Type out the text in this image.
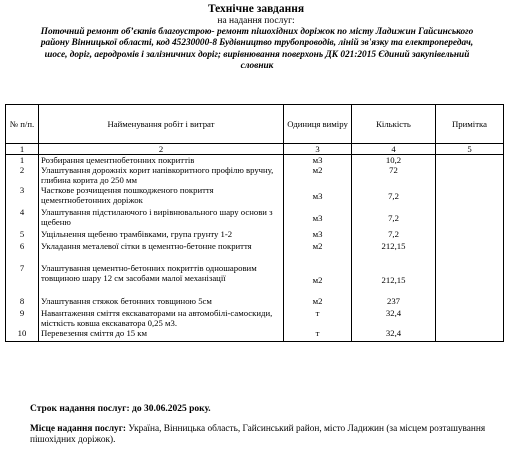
Технічне завдання
на надання послуг:
Поточний ремонт об’єктів благоустрою- ремонт пішохідних доріжок по місту Ладижин Гайсинського району Вінницької області, код 45230000-8 Будівництво трубопроводів, ліній зв'язку та електропередач, шосе, доріг, аеродромів і залізничних доріг; вирівнювання поверхонь ДК 021:2015 Єдиний закупівельний словник
№ п/п.	Найменування робіт і витрат	Одиниця виміру	Кількість	Примітка
1	2	3	4	5
1	Розбирання цементнобетонних покриттів	м3	10,2	
2	Улаштування дорожніх корит напівкоритного профілю вручну, глибина корита до 250 мм	м2	72	
3	Часткове розчищення пошкодженого покриття цементнобетонних доріжок	м3	7,2	
4	Улаштування підстилаючого і вирівнювального шару основи з щебеню	м3	7,2	
5	Ущільнення щебеню трамбівками, група грунту 1-2	м3	7,2	
6	Укладання металевої сітки в цементно-бетонне покриття	м2	212,15	
7	Улаштування цементно-бетонних покриттів одношаровим товщиною шару 12 см засобами малої механізації	м2	212,15	
8	Улаштування стяжок бетонних товщиною 5см	м2	237	
9	Навантаження сміття екскаваторами на автомобілі-самоскиди, місткість ковша екскаватора 0,25 м3.	т	32,4	
10	Перевезення сміття до 15 км	т	32,4	
Строк надання послуг: до 30.06.2025 року.
Місце надання послуг: Україна, Вінницька область, Гайсинський район, місто Ладижин (за місцем розташування пішохідних доріжок).
